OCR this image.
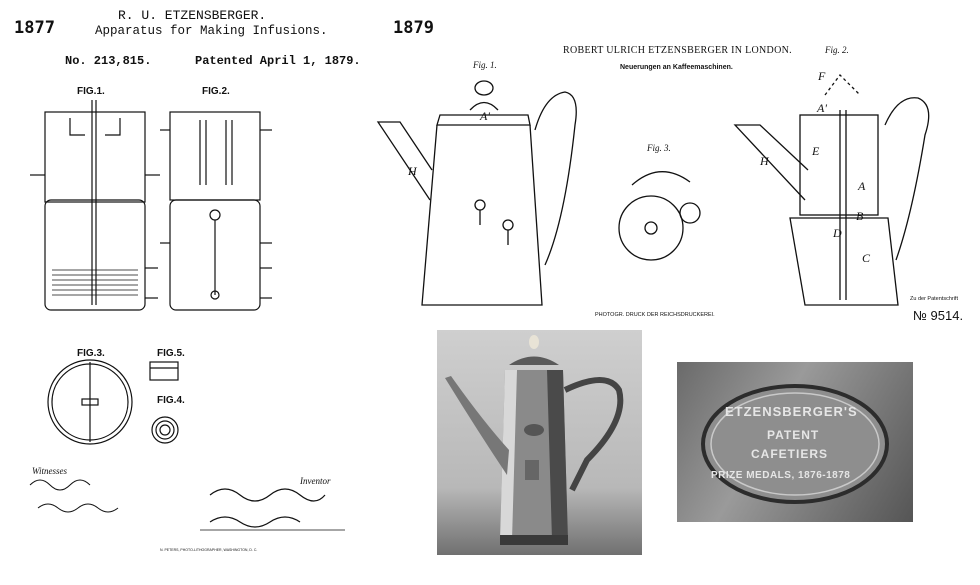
1877
R. U. ETZENSBERGER.
Apparatus for Making Infusions.
No. 213,815.	Patented April 1, 1879.
FIG.1.	FIG.2.
FIG.3.	FIG.5.
FIG.4.
Witnesses
Inventor
N. PETERS, PHOTO-LITHOGRAPHER, WASHINGTON, D. C.
1879
ROBERT ULRICH ETZENSBERGER IN LONDON.
Neuerungen an Kaffeemaschinen.
Fig. 1.
Fig. 2.
Fig. 3.
H
A'
H
E
A
B
D
C
A'
F
PHOTOGR. DRUCK DER REICHSDRUCKEREI.
Zu der Patentschrift
№ 9514.
ETZENSBERGER'S
PATENT
CAFETIERS
PRIZE MEDALS, 1876-1878
